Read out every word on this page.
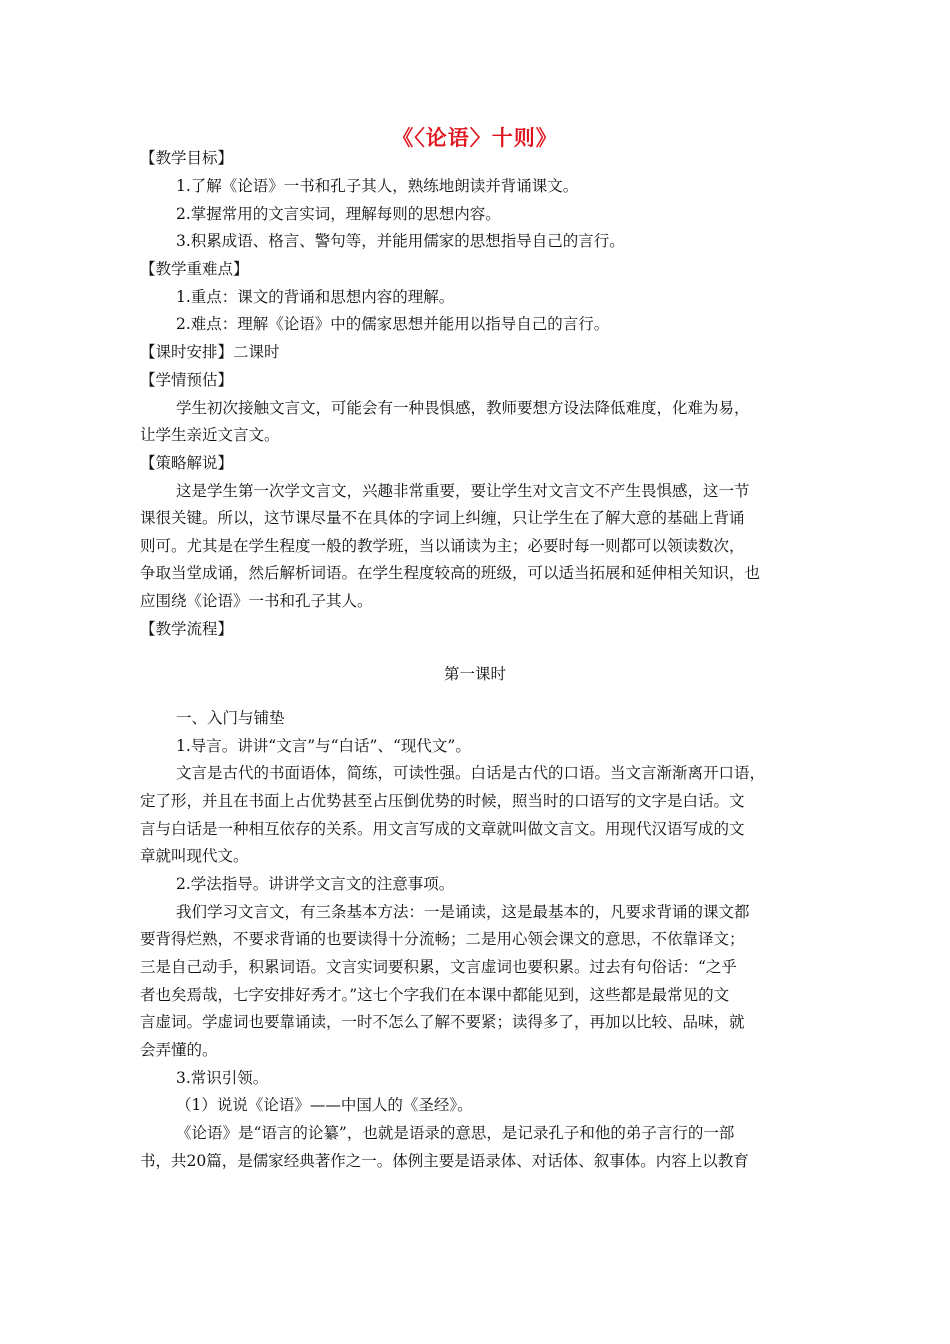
《〈论语〉十则》
【教学目标】
1.了解《论语》一书和孔子其人，熟练地朗读并背诵课文。
2.掌握常用的文言实词，理解每则的思想内容。
3.积累成语、格言、警句等，并能用儒家的思想指导自己的言行。
【教学重难点】
1.重点：课文的背诵和思想内容的理解。
2.难点：理解《论语》中的儒家思想并能用以指导自己的言行。
【课时安排】二课时
【学情预估】
学生初次接触文言文，可能会有一种畏惧感，教师要想方设法降低难度，化难为易，
让学生亲近文言文。
【策略解说】
这是学生第一次学文言文，兴趣非常重要，要让学生对文言文不产生畏惧感，这一节
课很关键。所以，这节课尽量不在具体的字词上纠缠，只让学生在了解大意的基础上背诵
则可。尤其是在学生程度一般的教学班，当以诵读为主；必要时每一则都可以领读数次，
争取当堂成诵，然后解析词语。在学生程度较高的班级，可以适当拓展和延伸相关知识，也
应围绕《论语》一书和孔子其人。
【教学流程】
第一课时
一、入门与铺垫
1.导言。讲讲“文言”与“白话”、“现代文”。
文言是古代的书面语体，简练，可读性强。白话是古代的口语。当文言渐渐离开口语，
定了形，并且在书面上占优势甚至占压倒优势的时候，照当时的口语写的文字是白话。文
言与白话是一种相互依存的关系。用文言写成的文章就叫做文言文。用现代汉语写成的文
章就叫现代文。
2.学法指导。讲讲学文言文的注意事项。
我们学习文言文，有三条基本方法：一是诵读，这是最基本的，凡要求背诵的课文都
要背得烂熟，不要求背诵的也要读得十分流畅；二是用心领会课文的意思，不依靠译文；
三是自己动手，积累词语。文言实词要积累，文言虚词也要积累。过去有句俗话：“之乎
者也矣焉哉，七字安排好秀才。”这七个字我们在本课中都能见到，这些都是最常见的文
言虚词。学虚词也要靠诵读，一时不怎么了解不要紧；读得多了，再加以比较、品味，就
会弄懂的。
3.常识引领。
（1）说说《论语》——中国人的《圣经》。
《论语》是“语言的论纂”，也就是语录的意思，是记录孔子和他的弟子言行的一部
书，共20篇，是儒家经典著作之一。体例主要是语录体、对话体、叙事体。内容上以教育
